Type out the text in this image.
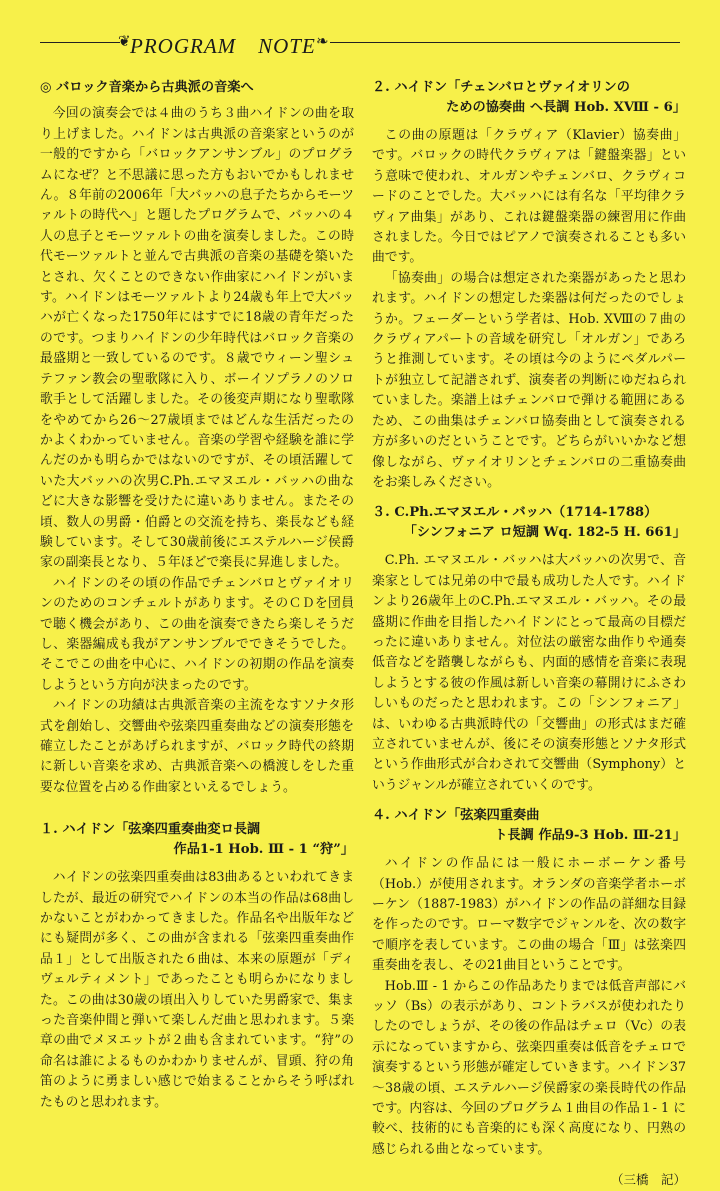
❦ PROGRAM　NOTE ❧
◎ バロック音楽から古典派の音楽へ

今回の演奏会では４曲のうち３曲ハイドンの曲を取り上げました。ハイドンは古典派の音楽家というのが一般的ですから「バロックアンサンブル」のプログラムになぜ？と不思議に思った方もおいでかもしれません。８年前の2006年「大バッハの息子たちからモーツァルトの時代へ」と題したプログラムで、バッハの４人の息子とモーツァルトの曲を演奏しました。この時代モーツァルトと並んで古典派の音楽の基礎を築いたとされ、欠くことのできない作曲家にハイドンがいます。ハイドンはモーツァルトより24歳も年上で大バッハが亡くなった1750年にはすでに18歳の青年だったのです。つまりハイドンの少年時代はバロック音楽の最盛期と一致しているのです。８歳でウィーン聖シュテファン教会の聖歌隊に入り、ボーイソプラノのソロ歌手として活躍しました。その後変声期になり聖歌隊をやめてから26～27歳頃まではどんな生活だったのかよくわかっていません。音楽の学習や経験を誰に学んだのかも明らかではないのですが、その頃活躍していた大バッハの次男C.Ph.エマヌエル・バッハの曲などに大きな影響を受けたに違いありません。またその頃、数人の男爵・伯爵との交流を持ち、楽長なども経験しています。そして30歳前後にエステルハージ侯爵家の副楽長となり、５年ほどで楽長に昇進しました。

ハイドンのその頃の作品でチェンバロとヴァイオリンのためのコンチェルトがあります。そのＣＤを団員で聴く機会があり、この曲を演奏できたら楽しそうだし、楽器編成も我がアンサンブルでできそうでした。そこでこの曲を中心に、ハイドンの初期の作品を演奏しようという方向が決まったのです。

ハイドンの功績は古典派音楽の主流をなすソナタ形式を創始し、交響曲や弦楽四重奏曲などの演奏形態を確立したことがあげられますが、バロック時代の終期に新しい音楽を求め、古典派音楽への橋渡しをした重要な位置を占める作曲家といえるでしょう。

１. ハイドン「弦楽四重奏曲変ロ長調
作品1-1 Hob. Ⅲ - 1 “狩”」

ハイドンの弦楽四重奏曲は83曲あるといわれてきましたが、最近の研究でハイドンの本当の作品は68曲しかないことがわかってきました。作品名や出版年などにも疑問が多く、この曲が含まれる「弦楽四重奏曲作品１」として出版された６曲は、本来の原題が「ディヴェルティメント」であったことも明らかになりました。この曲は30歳の頃出入りしていた男爵家で、集まった音楽仲間と弾いて楽しんだ曲と思われます。５楽章の曲でメヌエットが２曲も含まれています。“狩”の命名は誰によるものかわかりませんが、冒頭、狩の角笛のように勇ましい感じで始まることからそう呼ばれたものと思われます。

２. ハイドン「チェンバロとヴァイオリンの
ための協奏曲 ヘ長調 Hob. ⅩⅧ - 6」

この曲の原題は「クラヴィア（Klavier）協奏曲」です。バロックの時代クラヴィアは「鍵盤楽器」という意味で使われ、オルガンやチェンバロ、クラヴィコードのことでした。大バッハには有名な「平均律クラヴィア曲集」があり、これは鍵盤楽器の練習用に作曲されました。今日ではピアノで演奏されることも多い曲です。

「協奏曲」の場合は想定された楽器があったと思われます。ハイドンの想定した楽器は何だったのでしょうか。フェーダーという学者は、Hob. ⅩⅧの７曲のクラヴィアパートの音域を研究し「オルガン」であろうと推測しています。その頃は今のようにペダルパートが独立して記譜されず、演奏者の判断にゆだねられていました。楽譜上はチェンバロで弾ける範囲にあるため、この曲集はチェンバロ協奏曲として演奏される方が多いのだということです。どちらがいいかなど想像しながら、ヴァイオリンとチェンバロの二重協奏曲をお楽しみください。

３. C.Ph.エマヌエル・バッハ（1714-1788）
「シンフォニア ロ短調 Wq. 182-5 H. 661」

C.Ph. エマヌエル・バッハは大バッハの次男で、音楽家としては兄弟の中で最も成功した人です。ハイドンより26歳年上のC.Ph.エマヌエル・バッハ。その最盛期に作曲を目指したハイドンにとって最高の目標だったに違いありません。対位法の厳密な曲作りや通奏低音などを踏襲しながらも、内面的感情を音楽に表現しようとする彼の作風は新しい音楽の幕開けにふさわしいものだったと思われます。この「シンフォニア」は、いわゆる古典派時代の「交響曲」の形式はまだ確立されていませんが、後にその演奏形態とソナタ形式という作曲形式が合わされて交響曲（Symphony）というジャンルが確立されていくのです。

４. ハイドン「弦楽四重奏曲
ト長調 作品9-3 Hob. Ⅲ-21」

ハイドンの作品には一般にホーボーケン番号（Hob.）が使用されます。オランダの音楽学者ホーボーケン（1887-1983）がハイドンの作品の詳細な目録を作ったのです。ローマ数字でジャンルを、次の数字で順序を表しています。この曲の場合「Ⅲ」は弦楽四重奏曲を表し、その21曲目ということです。

Hob.Ⅲ - 1 からこの作品あたりまでは低音声部にバッソ（Bs）の表示があり、コントラバスが使われたりしたのでしょうが、その後の作品はチェロ（Vc）の表示になっていますから、弦楽四重奏は低音をチェロで演奏するという形態が確定していきます。ハイドン37～38歳の頃、エステルハージ侯爵家の楽長時代の作品です。内容は、今回のプログラム１曲目の作品１- 1 に較べ、技術的にも音楽的にも深く高度になり、円熟の感じられる曲となっています。

（三橋　記）
